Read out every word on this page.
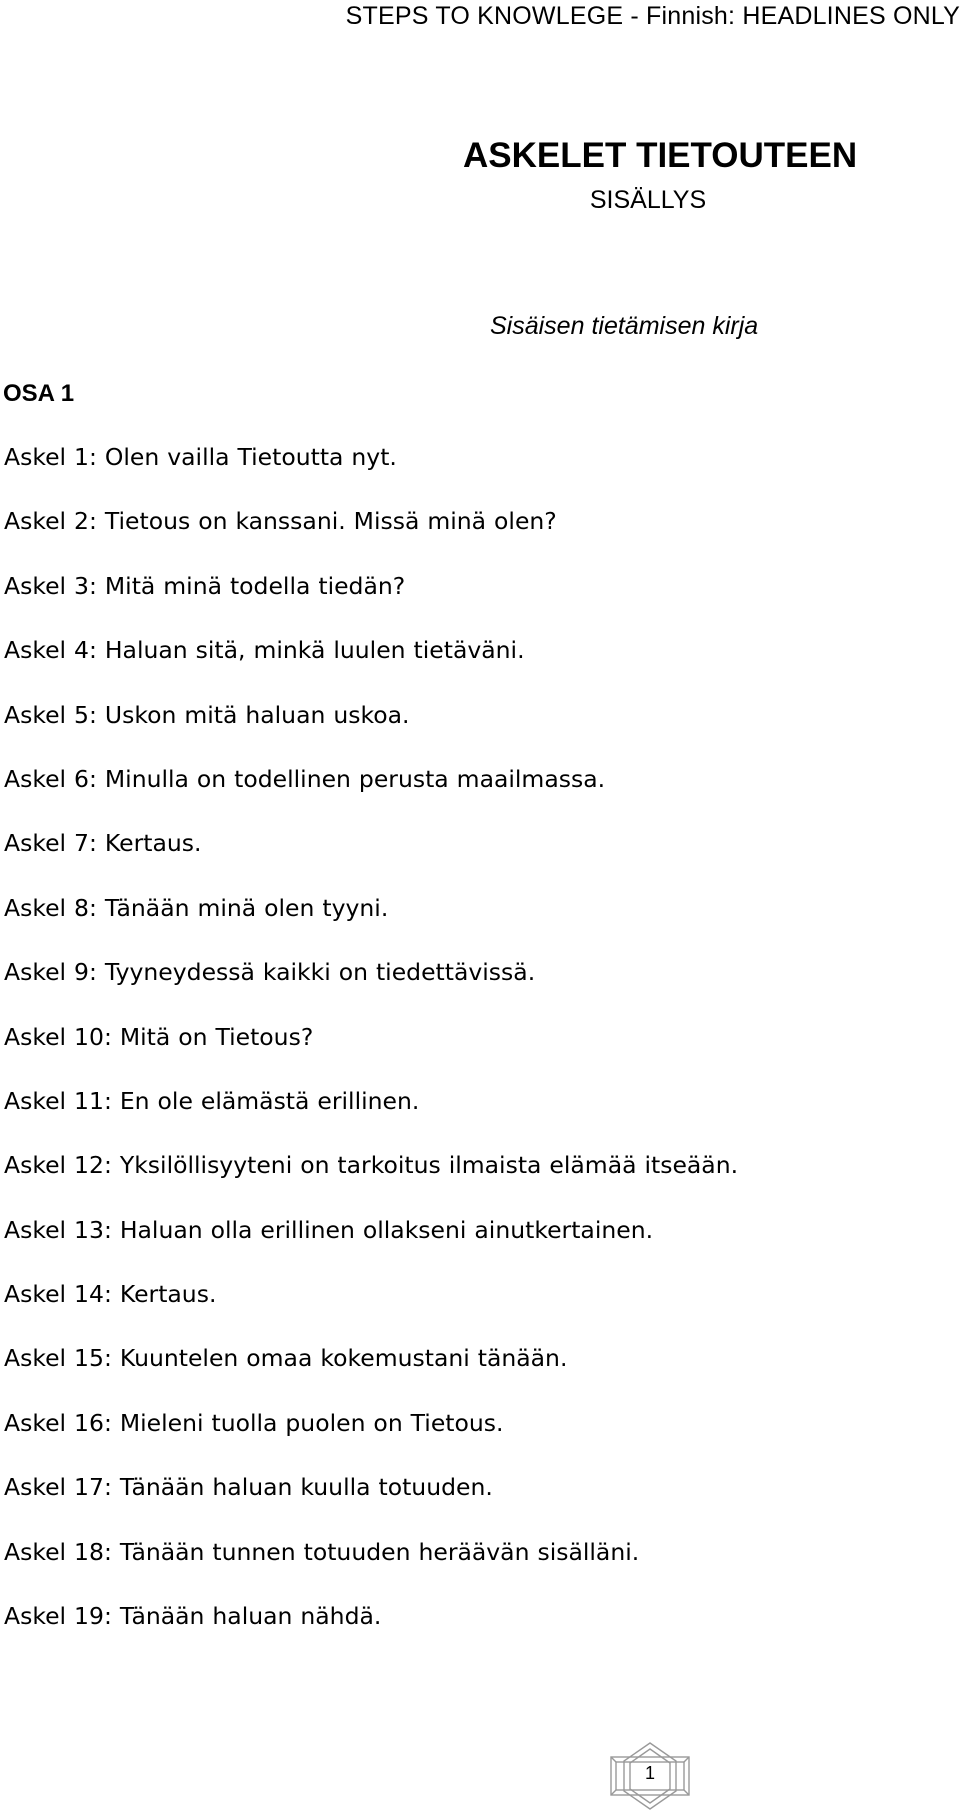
STEPS TO KNOWLEGE - Finnish: HEADLINES ONLY
ASKELET TIETOUTEEN
SISÄLLYS
Sisäisen tietämisen kirja
OSA 1
Askel 1: Olen vailla Tietoutta nyt.
Askel 2: Tietous on kanssani. Missä minä olen?
Askel 3: Mitä minä todella tiedän?
Askel 4: Haluan sitä, minkä luulen tietäväni.
Askel 5: Uskon mitä haluan uskoa.
Askel 6: Minulla on todellinen perusta maailmassa.
Askel 7: Kertaus.
Askel 8: Tänään minä olen tyyni.
Askel 9: Tyyneydessä kaikki on tiedettävissä.
Askel 10: Mitä on Tietous?
Askel 11: En ole elämästä erillinen.
Askel 12: Yksilöllisyyteni on tarkoitus ilmaista elämää itseään.
Askel 13: Haluan olla erillinen ollakseni ainutkertainen.
Askel 14: Kertaus.
Askel 15: Kuuntelen omaa kokemustani tänään.
Askel 16: Mieleni tuolla puolen on Tietous.
Askel 17: Tänään haluan kuulla totuuden.
Askel 18: Tänään tunnen totuuden heräävän sisälläni.
Askel 19: Tänään haluan nähdä.
1
